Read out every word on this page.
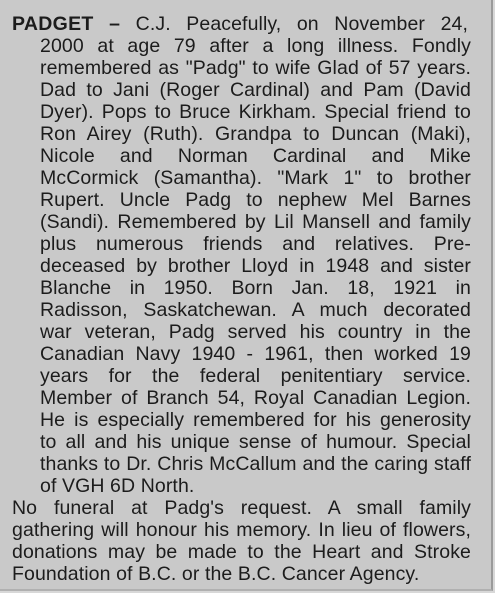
PADGET – C.J. Peacefully, on November 24,
2000 at age 79 after a long illness. Fondly
remembered as "Padg" to wife Glad of 57 years.
Dad to Jani (Roger Cardinal) and Pam (David
Dyer). Pops to Bruce Kirkham. Special friend to
Ron Airey (Ruth). Grandpa to Duncan (Maki),
Nicole and Norman Cardinal and Mike
McCormick (Samantha). "Mark 1" to brother
Rupert. Uncle Padg to nephew Mel Barnes
(Sandi). Remembered by Lil Mansell and family
plus numerous friends and relatives. Pre-
deceased by brother Lloyd in 1948 and sister
Blanche in 1950. Born Jan. 18, 1921 in
Radisson, Saskatchewan. A much decorated
war veteran, Padg served his country in the
Canadian Navy 1940 - 1961, then worked 19
years for the federal penitentiary service.
Member of Branch 54, Royal Canadian Legion.
He is especially remembered for his generosity
to all and his unique sense of humour. Special
thanks to Dr. Chris McCallum and the caring staff
of VGH 6D North.
No funeral at Padg's request. A small family
gathering will honour his memory. In lieu of flowers,
donations may be made to the Heart and Stroke
Foundation of B.C. or the B.C. Cancer Agency.
